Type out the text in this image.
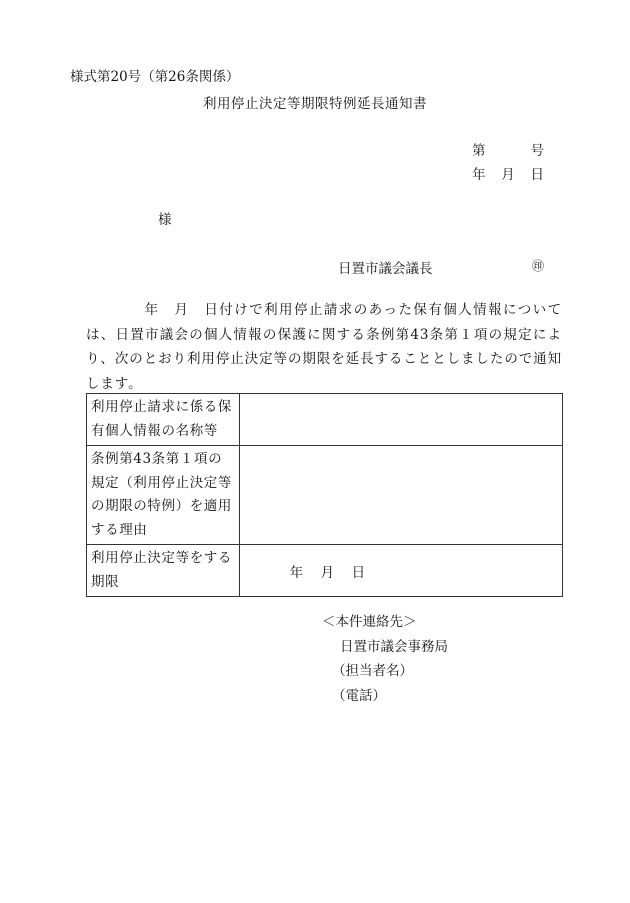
様式第20号（第26条関係）
利用停止決定等期限特例延長通知書
第	号
年 月 日
様
日置市議会議長	㊞
年　月　日付けで利用停止請求のあった保有個人情報については、日置市議会の個人情報の保護に関する条例第43条第１項の規定により、次のとおり利用停止決定等の期限を延長することとしましたので通知します。
利用停止請求に係る保有個人情報の名称等	
条例第43条第１項の規定（利用停止決定等の期限の特例）を適用する理由	
利用停止決定等をする期限	年　月　日
＜本件連絡先＞
日置市議会事務局
（担当者名）
（電話）
